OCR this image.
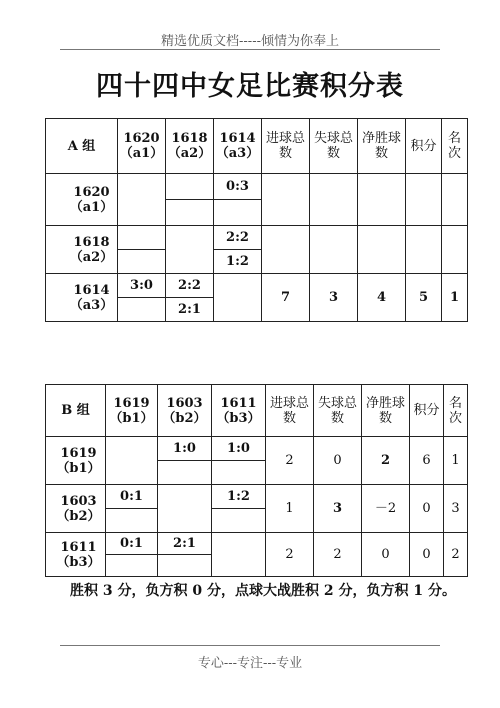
精选优质文档-----倾情为你奉上
四十四中女足比赛积分表
A 组	1620（a1）	1618（a2）	1614（a3）	进球总数	失球总数	净胜球数	积分	名次
1620（a1）			0:3					

1618（a2）			2:2					
			1:2					
1614（a3）	3:0	2:2		7	3	4	5	1
		2:1						
B 组	1619（b1）	1603（b2）	1611（b3）	进球总数	失球总数	净胜球数	积分	名次
1619（b1）		1:0	1:0	2	0	2	6	1

1603（b2）	0:1		1:2	1	3	－2	0	3

1611（b3）	0:1	2:1		2	2	0	0	2

胜积 3 分，负方积 0 分，点球大战胜积 2 分，负方积 1 分。
专心---专注---专业
